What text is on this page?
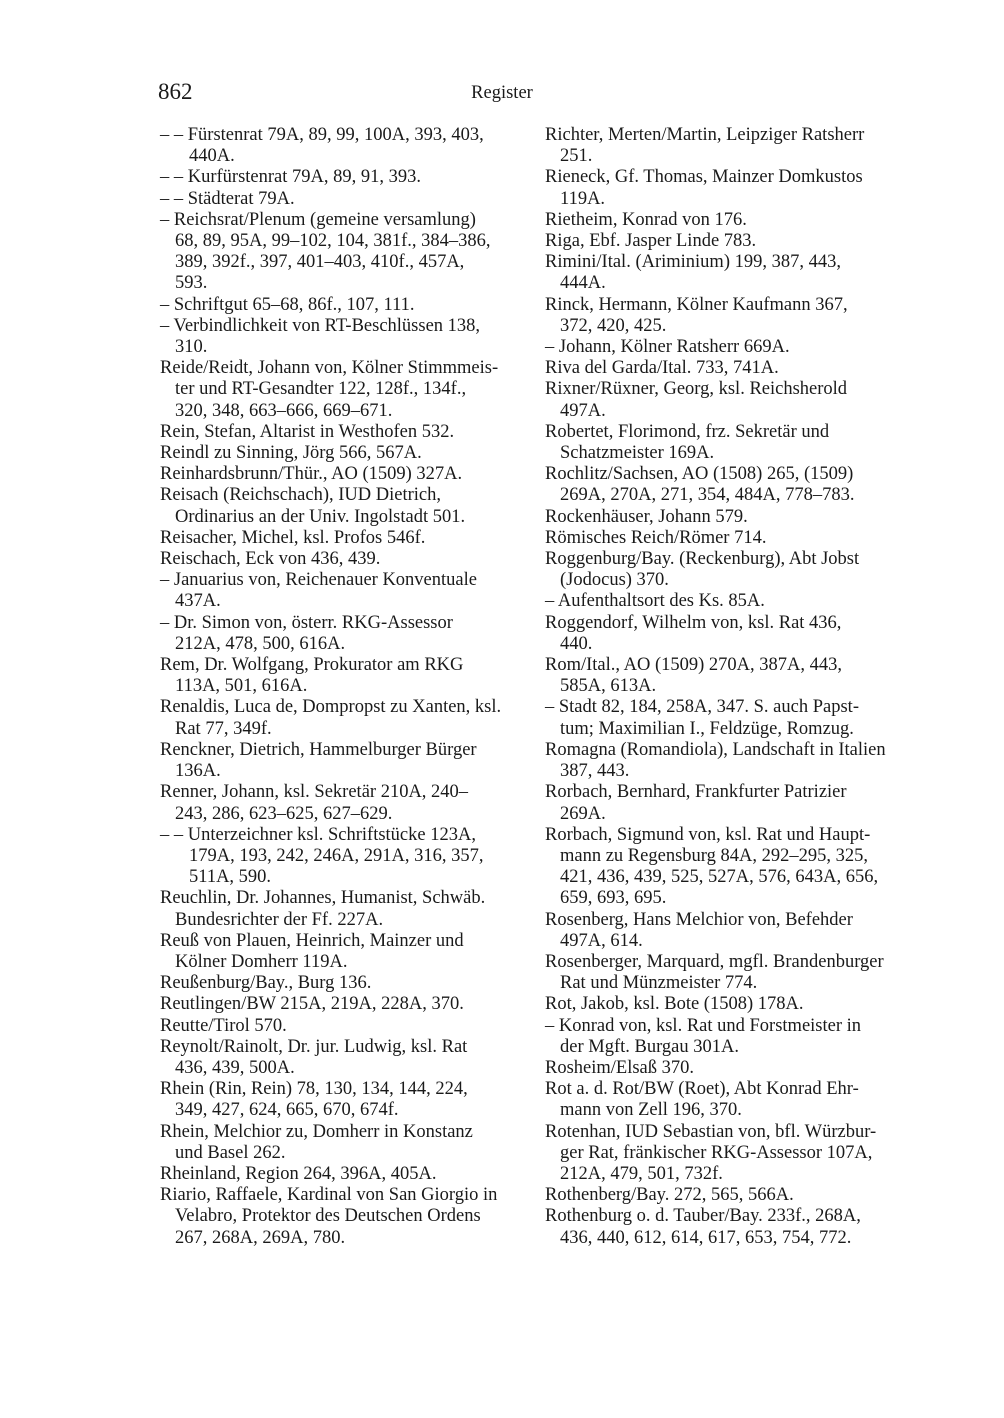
862	Register
– – Fürstenrat 79A, 89, 99, 100A, 393, 403,
440A.
– – Kurfürstenrat 79A, 89, 91, 393.
– – Städterat 79A.
– Reichsrat/Plenum (gemeine versamlung)
68, 89, 95A, 99–102, 104, 381f., 384–386,
389, 392f., 397, 401–403, 410f., 457A,
593.
– Schriftgut 65–68, 86f., 107, 111.
– Verbindlichkeit von RT-Beschlüssen 138,
310.
Reide/Reidt, Johann von, Kölner Stimmmeis-
ter und RT-Gesandter 122, 128f., 134f.,
320, 348, 663–666, 669–671.
Rein, Stefan, Altarist in Westhofen 532.
Reindl zu Sinning, Jörg 566, 567A.
Reinhardsbrunn/Thür., AO (1509) 327A.
Reisach (Reichschach), IUD Dietrich,
Ordinarius an der Univ. Ingolstadt 501.
Reisacher, Michel, ksl. Profos 546f.
Reischach, Eck von 436, 439.
– Januarius von, Reichenauer Konventuale
437A.
– Dr. Simon von, österr. RKG-Assessor
212A, 478, 500, 616A.
Rem, Dr. Wolfgang, Prokurator am RKG
113A, 501, 616A.
Renaldis, Luca de, Dompropst zu Xanten, ksl.
Rat 77, 349f.
Renckner, Dietrich, Hammelburger Bürger
136A.
Renner, Johann, ksl. Sekretär 210A, 240–
243, 286, 623–625, 627–629.
– – Unterzeichner ksl. Schriftstücke 123A,
179A, 193, 242, 246A, 291A, 316, 357,
511A, 590.
Reuchlin, Dr. Johannes, Humanist, Schwäb.
Bundesrichter der Ff. 227A.
Reuß von Plauen, Heinrich, Mainzer und
Kölner Domherr 119A.
Reußenburg/Bay., Burg 136.
Reutlingen/BW 215A, 219A, 228A, 370.
Reutte/Tirol 570.
Reynolt/Rainolt, Dr. jur. Ludwig, ksl. Rat
436, 439, 500A.
Rhein (Rin, Rein) 78, 130, 134, 144, 224,
349, 427, 624, 665, 670, 674f.
Rhein, Melchior zu, Domherr in Konstanz
und Basel 262.
Rheinland, Region 264, 396A, 405A.
Riario, Raffaele, Kardinal von San Giorgio in
Velabro, Protektor des Deutschen Ordens
267, 268A, 269A, 780.
Richter, Merten/Martin, Leipziger Ratsherr
251.
Rieneck, Gf. Thomas, Mainzer Domkustos
119A.
Rietheim, Konrad von 176.
Riga, Ebf. Jasper Linde 783.
Rimini/Ital. (Ariminium) 199, 387, 443,
444A.
Rinck, Hermann, Kölner Kaufmann 367,
372, 420, 425.
– Johann, Kölner Ratsherr 669A.
Riva del Garda/Ital. 733, 741A.
Rixner/Rüxner, Georg, ksl. Reichsherold
497A.
Robertet, Florimond, frz. Sekretär und
Schatzmeister 169A.
Rochlitz/Sachsen, AO (1508) 265, (1509)
269A, 270A, 271, 354, 484A, 778–783.
Rockenhäuser, Johann 579.
Römisches Reich/Römer 714.
Roggenburg/Bay. (Reckenburg), Abt Jobst
(Jodocus) 370.
– Aufenthaltsort des Ks. 85A.
Roggendorf, Wilhelm von, ksl. Rat 436,
440.
Rom/Ital., AO (1509) 270A, 387A, 443,
585A, 613A.
– Stadt 82, 184, 258A, 347. S. auch Papst-
tum; Maximilian I., Feldzüge, Romzug.
Romagna (Romandiola), Landschaft in Italien
387, 443.
Rorbach, Bernhard, Frankfurter Patrizier
269A.
Rorbach, Sigmund von, ksl. Rat und Haupt-
mann zu Regensburg 84A, 292–295, 325,
421, 436, 439, 525, 527A, 576, 643A, 656,
659, 693, 695.
Rosenberg, Hans Melchior von, Befehder
497A, 614.
Rosenberger, Marquard, mgfl. Brandenburger
Rat und Münzmeister 774.
Rot, Jakob, ksl. Bote (1508) 178A.
– Konrad von, ksl. Rat und Forstmeister in
der Mgft. Burgau 301A.
Rosheim/Elsaß 370.
Rot a. d. Rot/BW (Roet), Abt Konrad Ehr-
mann von Zell 196, 370.
Rotenhan, IUD Sebastian von, bfl. Würzbur-
ger Rat, fränkischer RKG-Assessor 107A,
212A, 479, 501, 732f.
Rothenberg/Bay. 272, 565, 566A.
Rothenburg o. d. Tauber/Bay. 233f., 268A,
436, 440, 612, 614, 617, 653, 754, 772.
